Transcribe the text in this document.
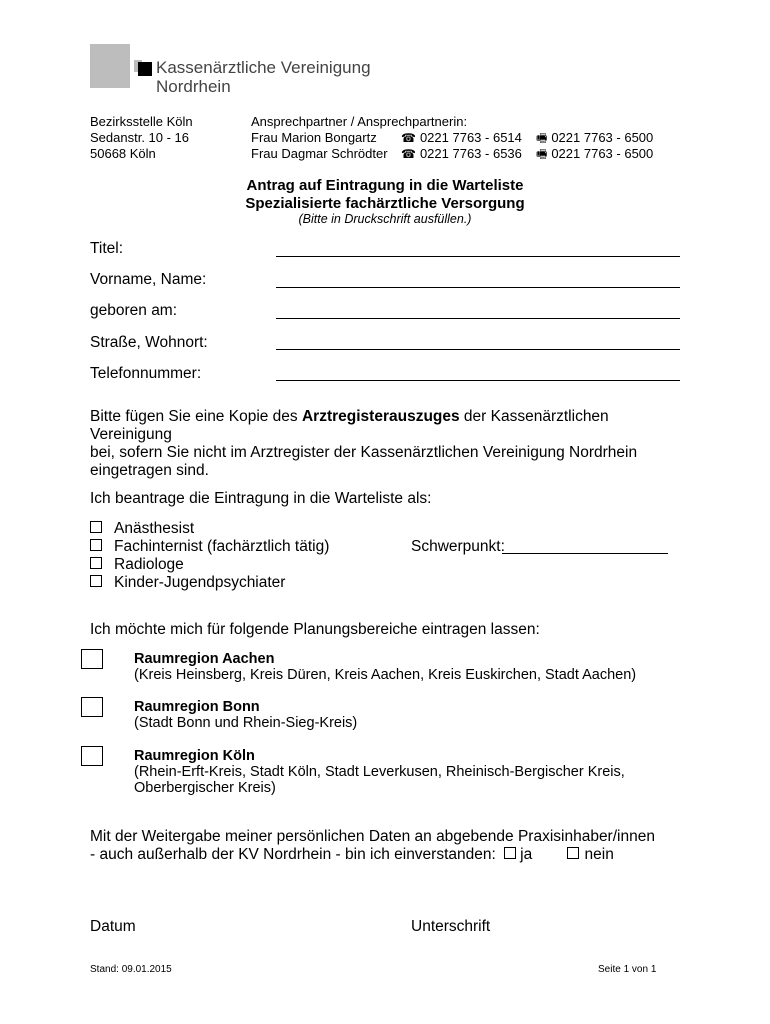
Kassenärztliche Vereinigung
Nordrhein
Bezirksstelle Köln
Sedanstr. 10 - 16
50668 Köln
Ansprechpartner / Ansprechpartnerin:
Frau Marion Bongartz ☎ 0221 7763 - 6514 🖷 0221 7763 - 6500
Frau Dagmar Schrödter ☎ 0221 7763 - 6536 🖷 0221 7763 - 6500
Antrag auf Eintragung in die Warteliste
Spezialisierte fachärztliche Versorgung
(Bitte in Druckschrift ausfüllen.)
Titel:
Vorname, Name:
geboren am:
Straße, Wohnort:
Telefonnummer:
Bitte fügen Sie eine Kopie des Arztregisterauszuges der Kassenärztlichen Vereinigung
bei, sofern Sie nicht im Arztregister der Kassenärztlichen Vereinigung Nordrhein
eingetragen sind.
Ich beantrage die Eintragung in die Warteliste als:
Anästhesist
Fachinternist (fachärztlich tätig)
Radiologe
Kinder-Jugendpsychiater
Schwerpunkt:
Ich möchte mich für folgende Planungsbereiche eintragen lassen:
Raumregion Aachen
(Kreis Heinsberg, Kreis Düren, Kreis Aachen, Kreis Euskirchen, Stadt Aachen)
Raumregion Bonn
(Stadt Bonn und Rhein-Sieg-Kreis)
Raumregion Köln
(Rhein-Erft-Kreis, Stadt Köln, Stadt Leverkusen, Rheinisch-Bergischer Kreis,
Oberbergischer Kreis)
Mit der Weitergabe meiner persönlichen Daten an abgebende Praxisinhaber/innen
- auch außerhalb der KV Nordrhein - bin ich einverstanden: ja	nein
Datum	Unterschrift
Stand: 09.01.2015	Seite 1 von 1
